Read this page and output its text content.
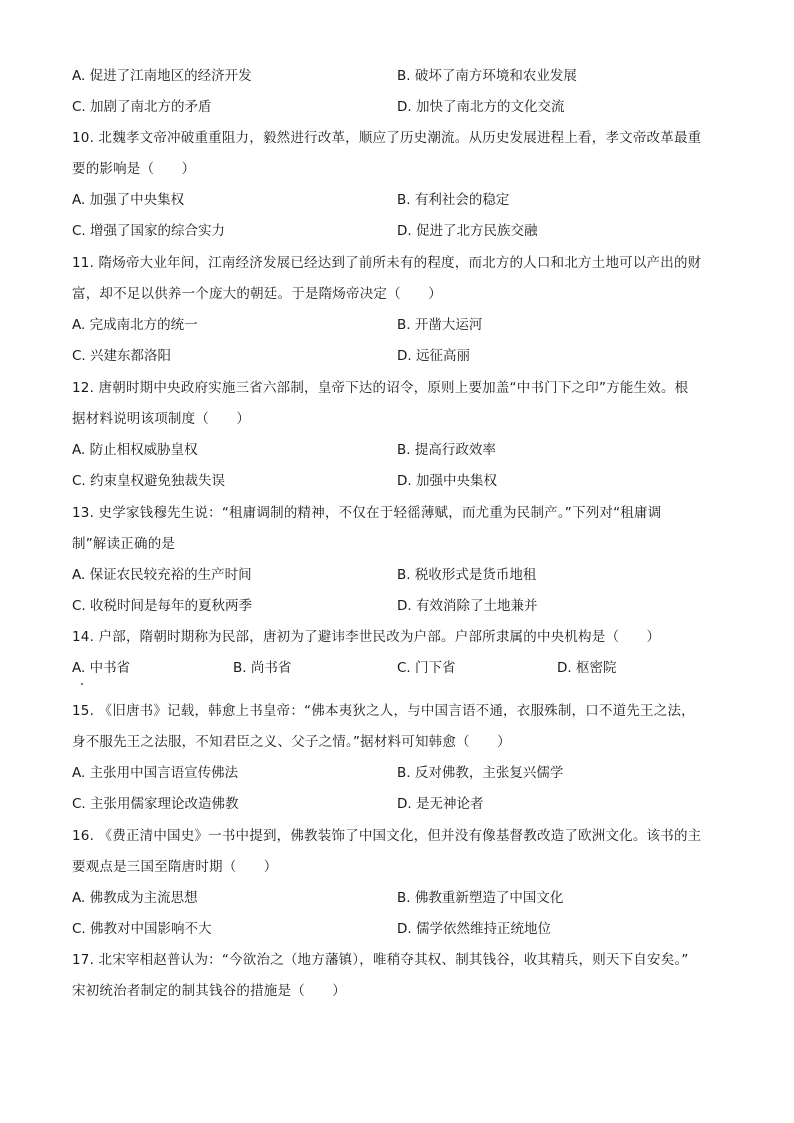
A. 促进了江南地区的经济开发	B. 破坏了南方环境和农业发展
C. 加剧了南北方的矛盾	D. 加快了南北方的文化交流
10. 北魏孝文帝冲破重重阻力，毅然进行改革，顺应了历史潮流。从历史发展进程上看，孝文帝改革最重
要的影响是（　　）
A. 加强了中央集权	B. 有利社会的稳定
C. 增强了国家的综合实力	D. 促进了北方民族交融
11. 隋炀帝大业年间，江南经济发展已经达到了前所未有的程度，而北方的人口和北方土地可以产出的财
富，却不足以供养一个庞大的朝廷。于是隋炀帝决定（　　）
A. 完成南北方的统一	B. 开凿大运河
C. 兴建东都洛阳	D. 远征高丽
12. 唐朝时期中央政府实施三省六部制，皇帝下达的诏令，原则上要加盖“中书门下之印”方能生效。根
据材料说明该项制度（　　）
A. 防止相权威胁皇权	B. 提高行政效率
C. 约束皇权避免独裁失误	D. 加强中央集权
13. 史学家钱穆先生说：“租庸调制的精神，不仅在于轻徭薄赋，而尤重为民制产。”下列对“租庸调
制”解读正确的是
A. 保证农民较充裕的生产时间	B. 税收形式是货币地租
C. 收税时间是每年的夏秋两季	D. 有效消除了土地兼并
14. 户部，隋朝时期称为民部，唐初为了避讳李世民改为户部。户部所隶属的中央机构是（　　）
A. 中书省	B. 尚书省	C. 门下省	D. 枢密院
15. 《旧唐书》记载，韩愈上书皇帝：“佛本夷狄之人，与中国言语不通，衣服殊制，口不道先王之法，
身不服先王之法服，不知君臣之义、父子之情。”据材料可知韩愈（　　）
A. 主张用中国言语宣传佛法	B. 反对佛教，主张复兴儒学
C. 主张用儒家理论改造佛教	D. 是无神论者
16. 《费正清中国史》一书中提到，佛教装饰了中国文化，但并没有像基督教改造了欧洲文化。该书的主
要观点是三国至隋唐时期（　　）
A. 佛教成为主流思想	B. 佛教重新塑造了中国文化
C. 佛教对中国影响不大	D. 儒学依然维持正统地位
17. 北宋宰相赵普认为：“今欲治之（地方藩镇），唯稍夺其权、制其钱谷，收其精兵，则天下自安矣。”
宋初统治者制定的制其钱谷的措施是（　　）
